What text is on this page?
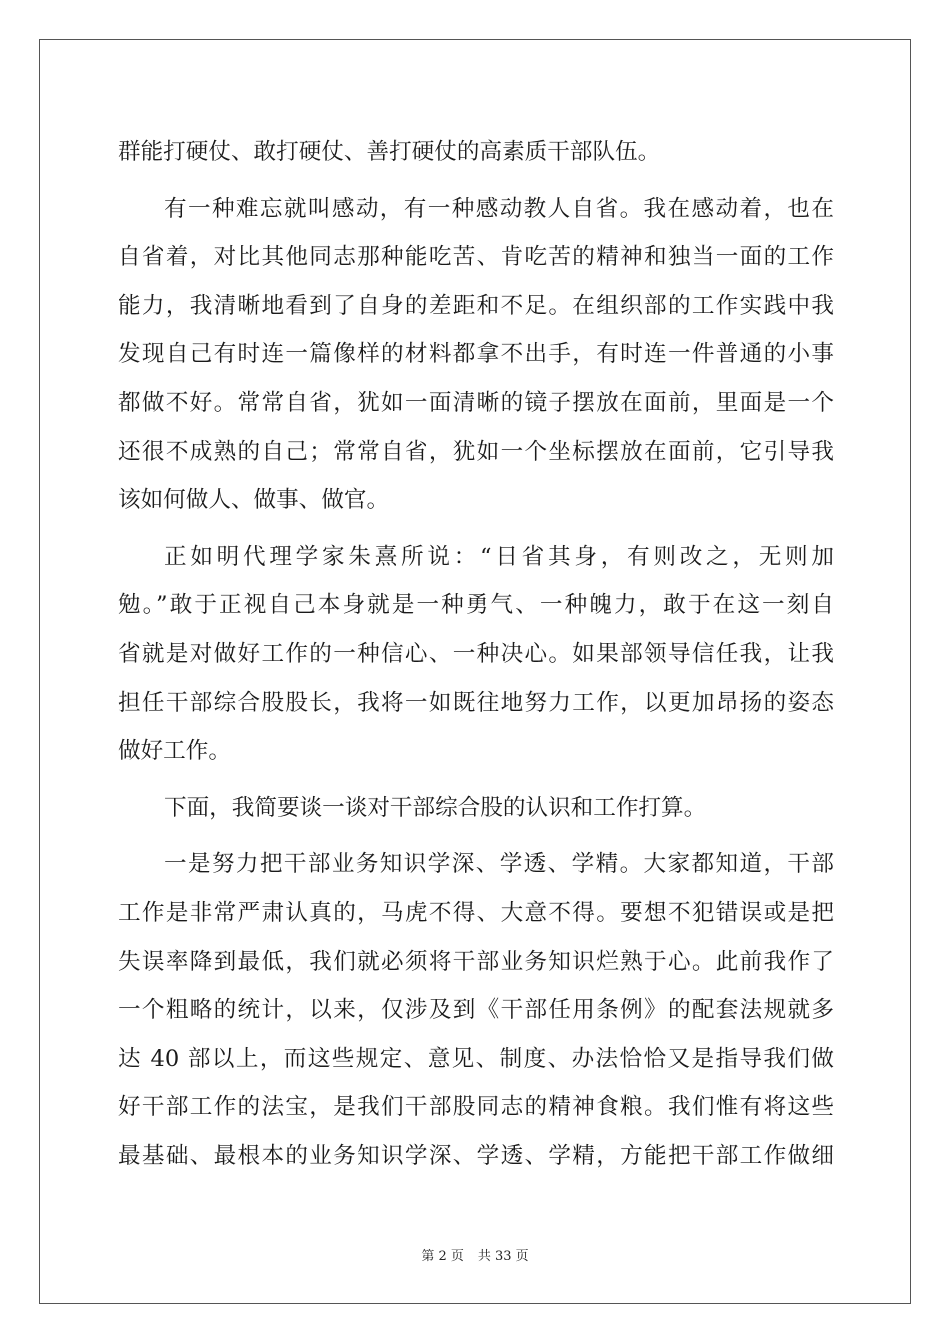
群能打硬仗、敢打硬仗、善打硬仗的高素质干部队伍。
有一种难忘就叫感动，有一种感动教人自省。我在感动着，也在
自省着，对比其他同志那种能吃苦、肯吃苦的精神和独当一面的工作
能力，我清晰地看到了自身的差距和不足。在组织部的工作实践中我
发现自己有时连一篇像样的材料都拿不出手，有时连一件普通的小事
都做不好。常常自省，犹如一面清晰的镜子摆放在面前，里面是一个
还很不成熟的自己；常常自省，犹如一个坐标摆放在面前，它引导我
该如何做人、做事、做官。
正如明代理学家朱熹所说：“日省其身，有则改之，无则加
勉。”敢于正视自己本身就是一种勇气、一种魄力，敢于在这一刻自
省就是对做好工作的一种信心、一种决心。如果部领导信任我，让我
担任干部综合股股长，我将一如既往地努力工作，以更加昂扬的姿态
做好工作。
下面，我简要谈一谈对干部综合股的认识和工作打算。
一是努力把干部业务知识学深、学透、学精。大家都知道，干部
工作是非常严肃认真的，马虎不得、大意不得。要想不犯错误或是把
失误率降到最低，我们就必须将干部业务知识烂熟于心。此前我作了
一个粗略的统计，以来，仅涉及到《干部任用条例》的配套法规就多
达 40 部以上，而这些规定、意见、制度、办法恰恰又是指导我们做
好干部工作的法宝，是我们干部股同志的精神食粮。我们惟有将这些
最基础、最根本的业务知识学深、学透、学精，方能把干部工作做细
第 2 页 共 33 页
